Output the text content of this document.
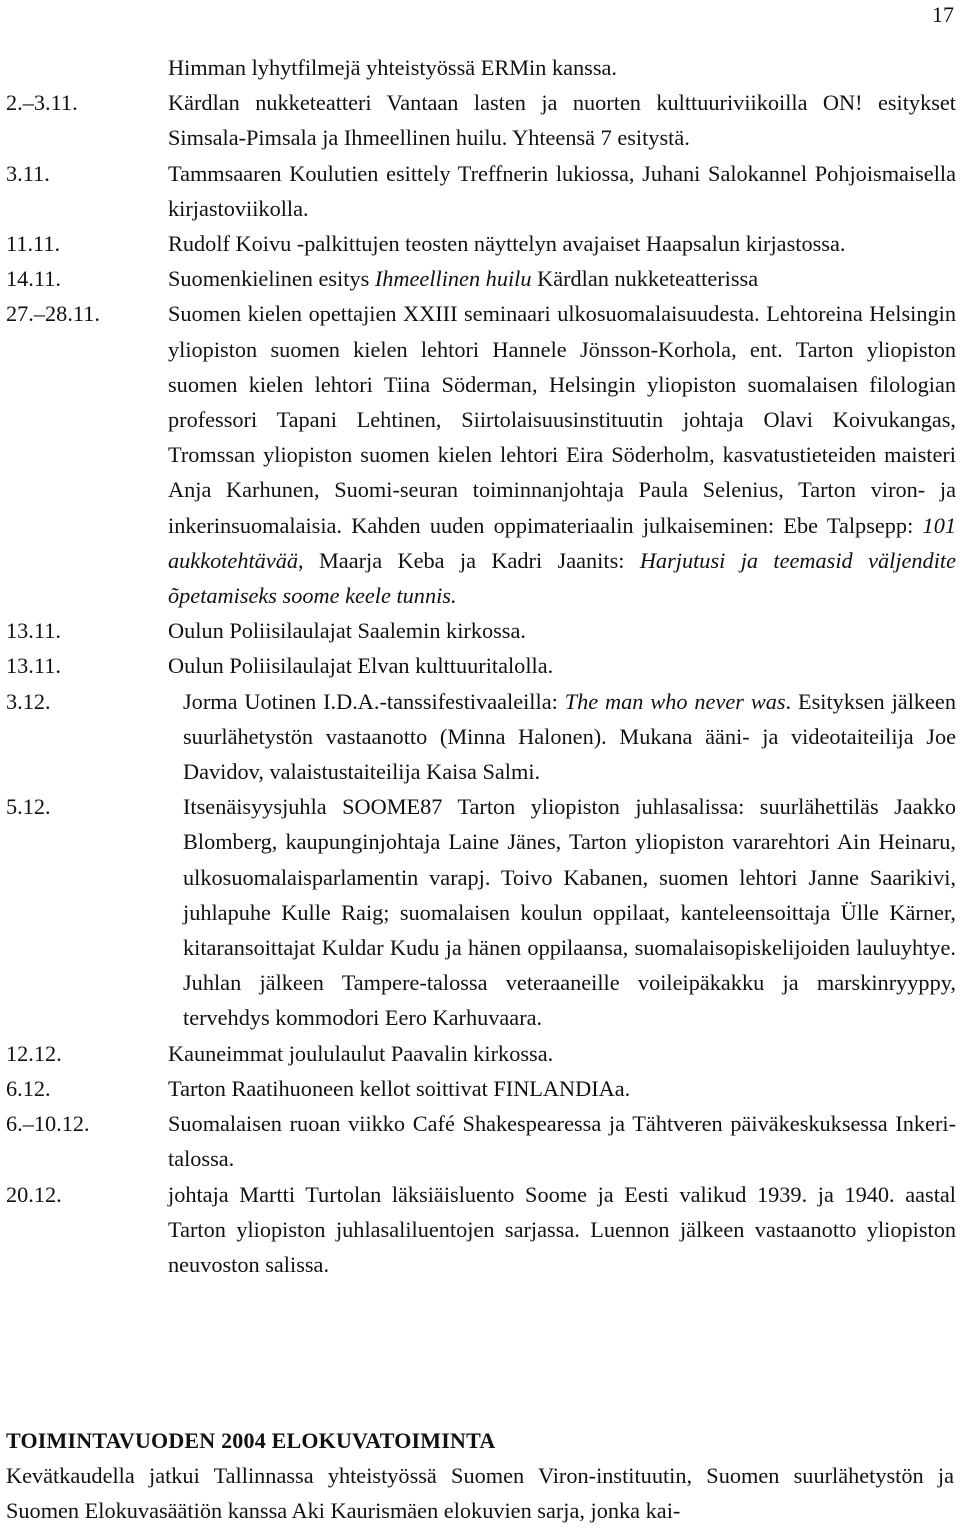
17
Himman lyhytfilmejä yhteistyössä ERMin kanssa.
2.–3.11.	Kärdlan nukketeatteri Vantaan lasten ja nuorten kulttuuriviikoilla ON! esitykset Simsala-Pimsala ja Ihmeellinen huilu. Yhteensä 7 esitystä.
3.11.	Tammsaaren Koulutien esittely Treffnerin lukiossa, Juhani Salokannel Pohjoismaisella kirjastoviikolla.
11.11.	Rudolf Koivu -palkittujen teosten näyttelyn avajaiset Haapsalun kirjastossa.
14.11.	Suomenkielinen esitys Ihmeellinen huilu Kärdlan nukketeatterissa
27.–28.11.	Suomen kielen opettajien XXIII seminaari ulkosuomalaisuudesta. Lehtoreina Helsingin yliopiston suomen kielen lehtori Hannele Jönsson-Korhola, ent. Tarton yliopiston suomen kielen lehtori Tiina Söderman, Helsingin yliopiston suomalaisen filologian professori Tapani Lehtinen, Siirtolaisuusinstituutin johtaja Olavi Koivukangas, Tromssan yliopiston suomen kielen lehtori Eira Söderholm, kasvatustieteiden maisteri Anja Karhunen, Suomi-seuran toiminnanjohtaja Paula Selenius, Tarton viron- ja inkerinsuomalaisia. Kahden uuden oppimateriaalin julkaiseminen: Ebe Talpsepp: 101 aukkotehtävää, Maarja Keba ja Kadri Jaanits: Harjutusi ja teemasid väljendite õpetamiseks soome keele tunnis.
13.11.	Oulun Poliisilaulajat Saalemin kirkossa.
13.11.	Oulun Poliisilaulajat Elvan kulttuuritalolla.
3.12.	Jorma Uotinen I.D.A.-tanssifestivaaleilla: The man who never was. Esityksen jälkeen suurlähetystön vastaanotto (Minna Halonen). Mukana ääni- ja videotaiteilija Joe Davidov, valaistustaiteilija Kaisa Salmi.
5.12.	Itsenäisyysjuhla SOOME87 Tarton yliopiston juhlasalissa: suurlähettiläs Jaakko Blomberg, kaupunginjohtaja Laine Jänes, Tarton yliopiston vararehtori Ain Heinaru, ulkosuomalaisparlamentin varapj. Toivo Kabanen, suomen lehtori Janne Saarikivi, juhlapuhe Kulle Raig; suomalaisen koulun oppilaat, kanteleensoittaja Ülle Kärner, kitaransoittajat Kuldar Kudu ja hänen oppilaansa, suomalaisopiskelijoiden lauluyhtye. Juhlan jälkeen Tampere-talossa veteraaneille voileipäkakku ja marskinryyppy, tervehdys kommodori Eero Karhuvaara.
12.12.	Kauneimmat joululaulut Paavalin kirkossa.
6.12.	Tarton Raatihuoneen kellot soittivat FINLANDIAa.
6.–10.12.	Suomalaisen ruoan viikko Café Shakespearessa ja Tähtveren päiväkeskuksessa Inkeri-talossa.
20.12.	johtaja Martti Turtolan läksiäisluento Soome ja Eesti valikud 1939. ja 1940. aastal Tarton yliopiston juhlasaliluentojen sarjassa. Luennon jälkeen vastaanotto yliopiston neuvoston salissa.
TOIMINTAVUODEN 2004 ELOKUVATOIMINTA
Kevätkaudella jatkui Tallinnassa yhteistyössä Suomen Viron-instituutin, Suomen suurlähetystön ja Suomen Elokuvasäätiön kanssa Aki Kaurismäen elokuvien sarja, jonka kai-
